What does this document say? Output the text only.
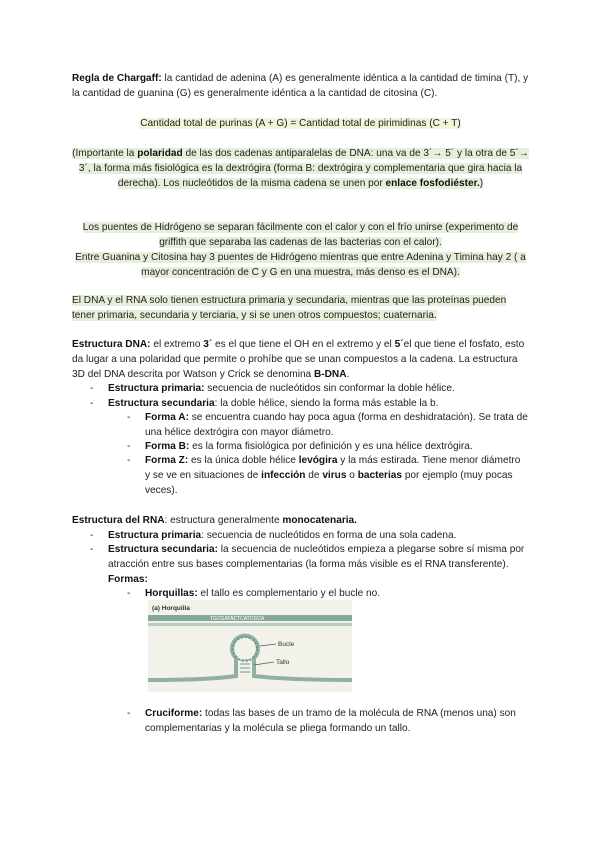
Regla de Chargaff: la cantidad de adenina (A) es generalmente idéntica a la cantidad de timina (T), y la cantidad de guanina (G) es generalmente idéntica a la cantidad de citosina (C).
Cantidad total de purinas (A + G) = Cantidad total de pirimidinas (C + T)
(Importante la polaridad de las dos cadenas antiparalelas de DNA: una va de 3´→ 5´ y la otra de 5´→ 3´, la forma más fisiológica es la dextrógira (forma B: dextrógira y complementaria que gira hacia la derecha). Los nucleótidos de la misma cadena se unen por enlace fosfodiéster.)
Los puentes de Hidrógeno se separan fácilmente con el calor y con el frío unirse (experimento de griffith que separaba las cadenas de las bacterias con el calor).
Entre Guanina y Citosina hay 3 puentes de Hidrógeno mientras que entre Adenina y Timina hay 2 ( a mayor concentración de C y G en una muestra, más denso es el DNA).
El DNA y el RNA solo tienen estructura primaria y secundaria, mientras que las proteínas pueden tener primaria, secundaria y terciaria, y si se unen otros compuestos; cuaternaria.
Estructura DNA: el extremo 3´ es el que tiene el OH en el extremo y el 5´el que tiene el fosfato, esto da lugar a una polaridad que permite o prohíbe que se unan compuestos a la cadena. La estructura 3D del DNA descrita por Watson y Crick se denomina B-DNA.
- Estructura primaria: secuencia de nucleótidos sin conformar la doble hélice.
- Estructura secundaria: la doble hélice, siendo la forma más estable la b.
- Forma A: se encuentra cuando hay poca agua (forma en deshidratación). Se trata de una hélice dextrógira con mayor diámetro.
- Forma B: es la forma fisiológica por definición y es una hélice dextrógira.
- Forma Z: es la única doble hélice levógira y la más estirada. Tiene menor diámetro y se ve en situaciones de infección de virus o bacterias por ejemplo (muy pocas veces).
Estructura del RNA: estructura generalmente monocatenaria.
- Estructura primaria: secuencia de nucleótidos en forma de una sola cadena.
- Estructura secundaria: la secuencia de nucleótidos empieza a plegarse sobre sí misma por atracción entre sus bases complementarias (la forma más visible es el RNA transferente). Formas:
- Horquillas: el tallo es complementario y el bucle no.
(a) Horquilla
TGCGATACTCATCGCA
Bucle
Tallo
- Cruciforme: todas las bases de un tramo de la molécula de RNA (menos una) son complementarias y la molécula se pliega formando un tallo.
